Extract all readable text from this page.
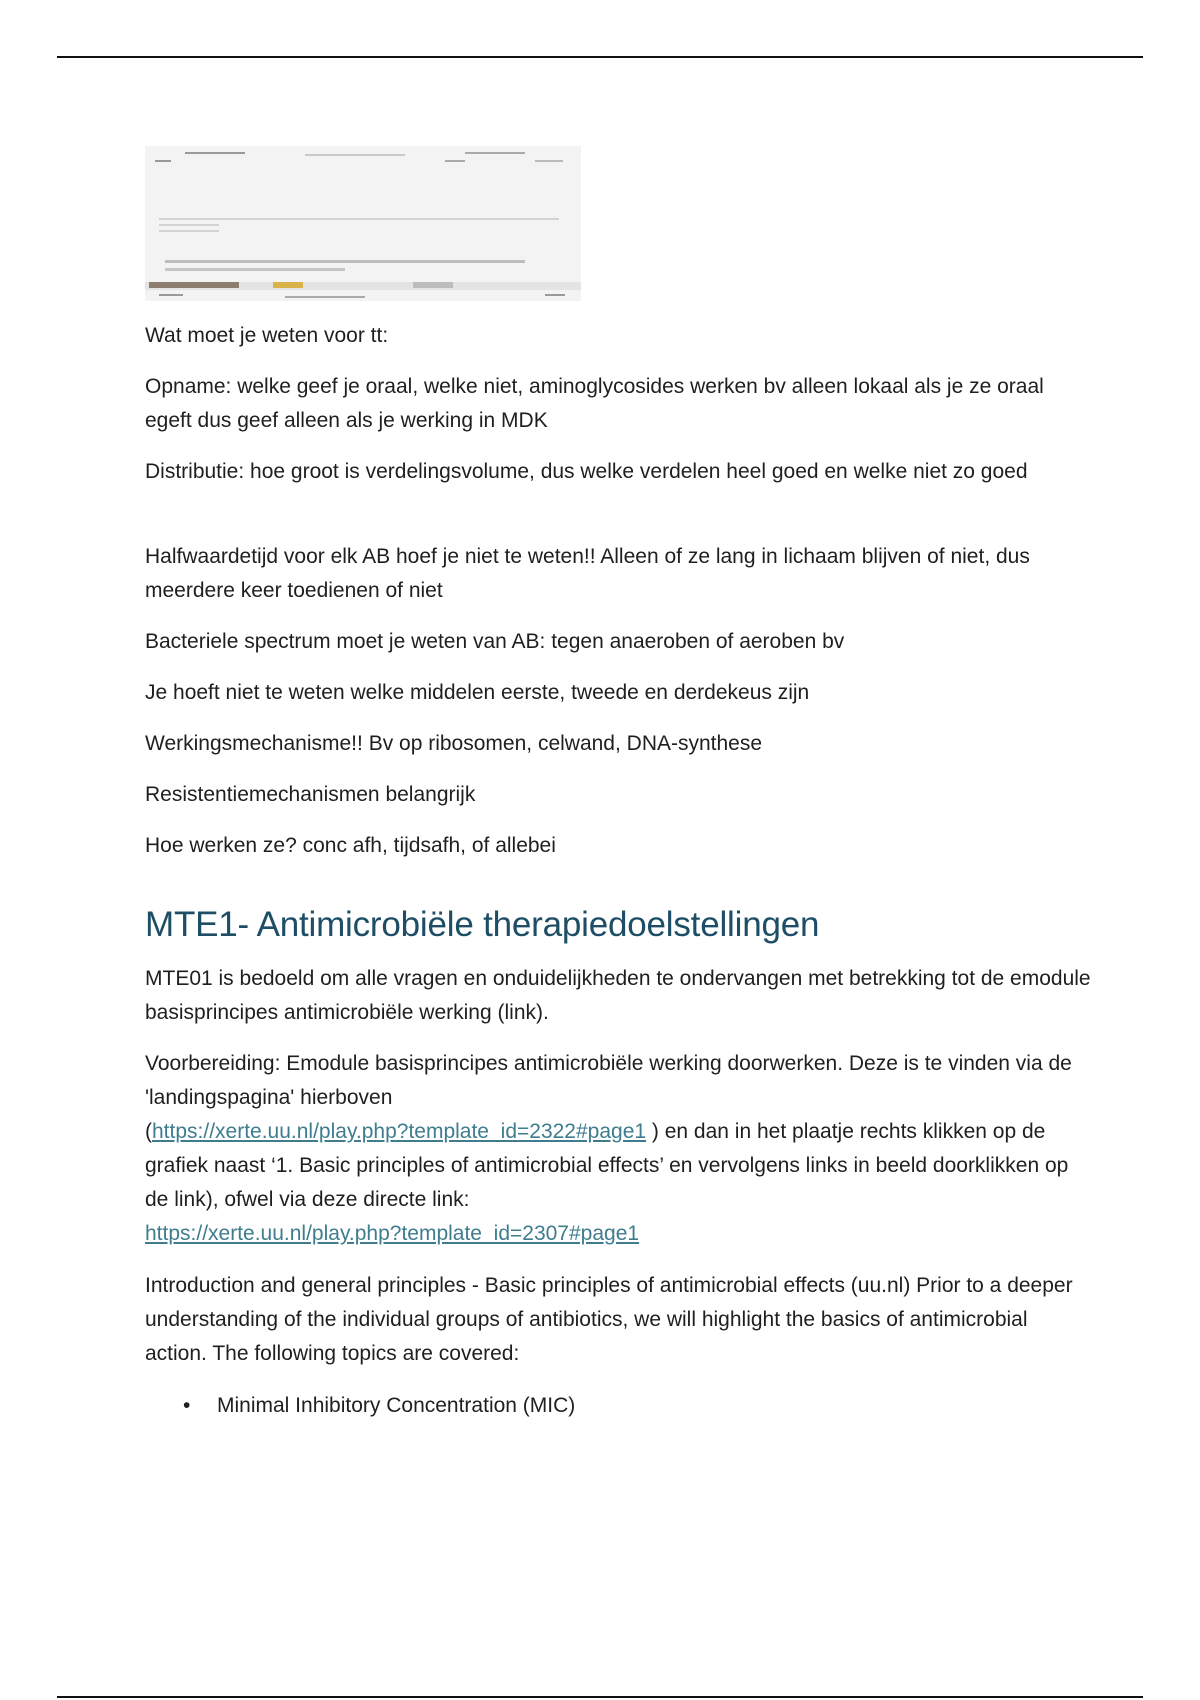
Wat moet je weten voor tt:

Opname: welke geef je oraal, welke niet, aminoglycosides werken bv alleen lokaal als je ze oraal egeft dus geef alleen als je werking in MDK

Distributie: hoe groot is verdelingsvolume, dus welke verdelen heel goed en welke niet zo goed

Halfwaardetijd voor elk AB hoef je niet te weten!! Alleen of ze lang in lichaam blijven of niet, dus meerdere keer toedienen of niet

Bacteriele spectrum moet je weten van AB: tegen anaeroben of aeroben bv

Je hoeft niet te weten welke middelen eerste, tweede en derdekeus zijn

Werkingsmechanisme!! Bv op ribosomen, celwand, DNA-synthese

Resistentiemechanismen belangrijk

Hoe werken ze? conc afh, tijdsafh, of allebei

MTE1- Antimicrobiële therapiedoelstellingen

MTE01 is bedoeld om alle vragen en onduidelijkheden te ondervangen met betrekking tot de emodule basisprincipes antimicrobiële werking (link).

Voorbereiding: Emodule basisprincipes antimicrobiële werking doorwerken. Deze is te vinden via de 'landingspagina' hierboven
(https://xerte.uu.nl/play.php?template_id=2322#page1 ) en dan in het plaatje rechts klikken op de grafiek naast ‘1. Basic principles of antimicrobial effects’ en vervolgens links in beeld doorklikken op de link), ofwel via deze directe link:
https://xerte.uu.nl/play.php?template_id=2307#page1

Introduction and general principles - Basic principles of antimicrobial effects (uu.nl) Prior to a deeper understanding of the individual groups of antibiotics, we will highlight the basics of antimicrobial action. The following topics are covered:

• Minimal Inhibitory Concentration (MIC)
